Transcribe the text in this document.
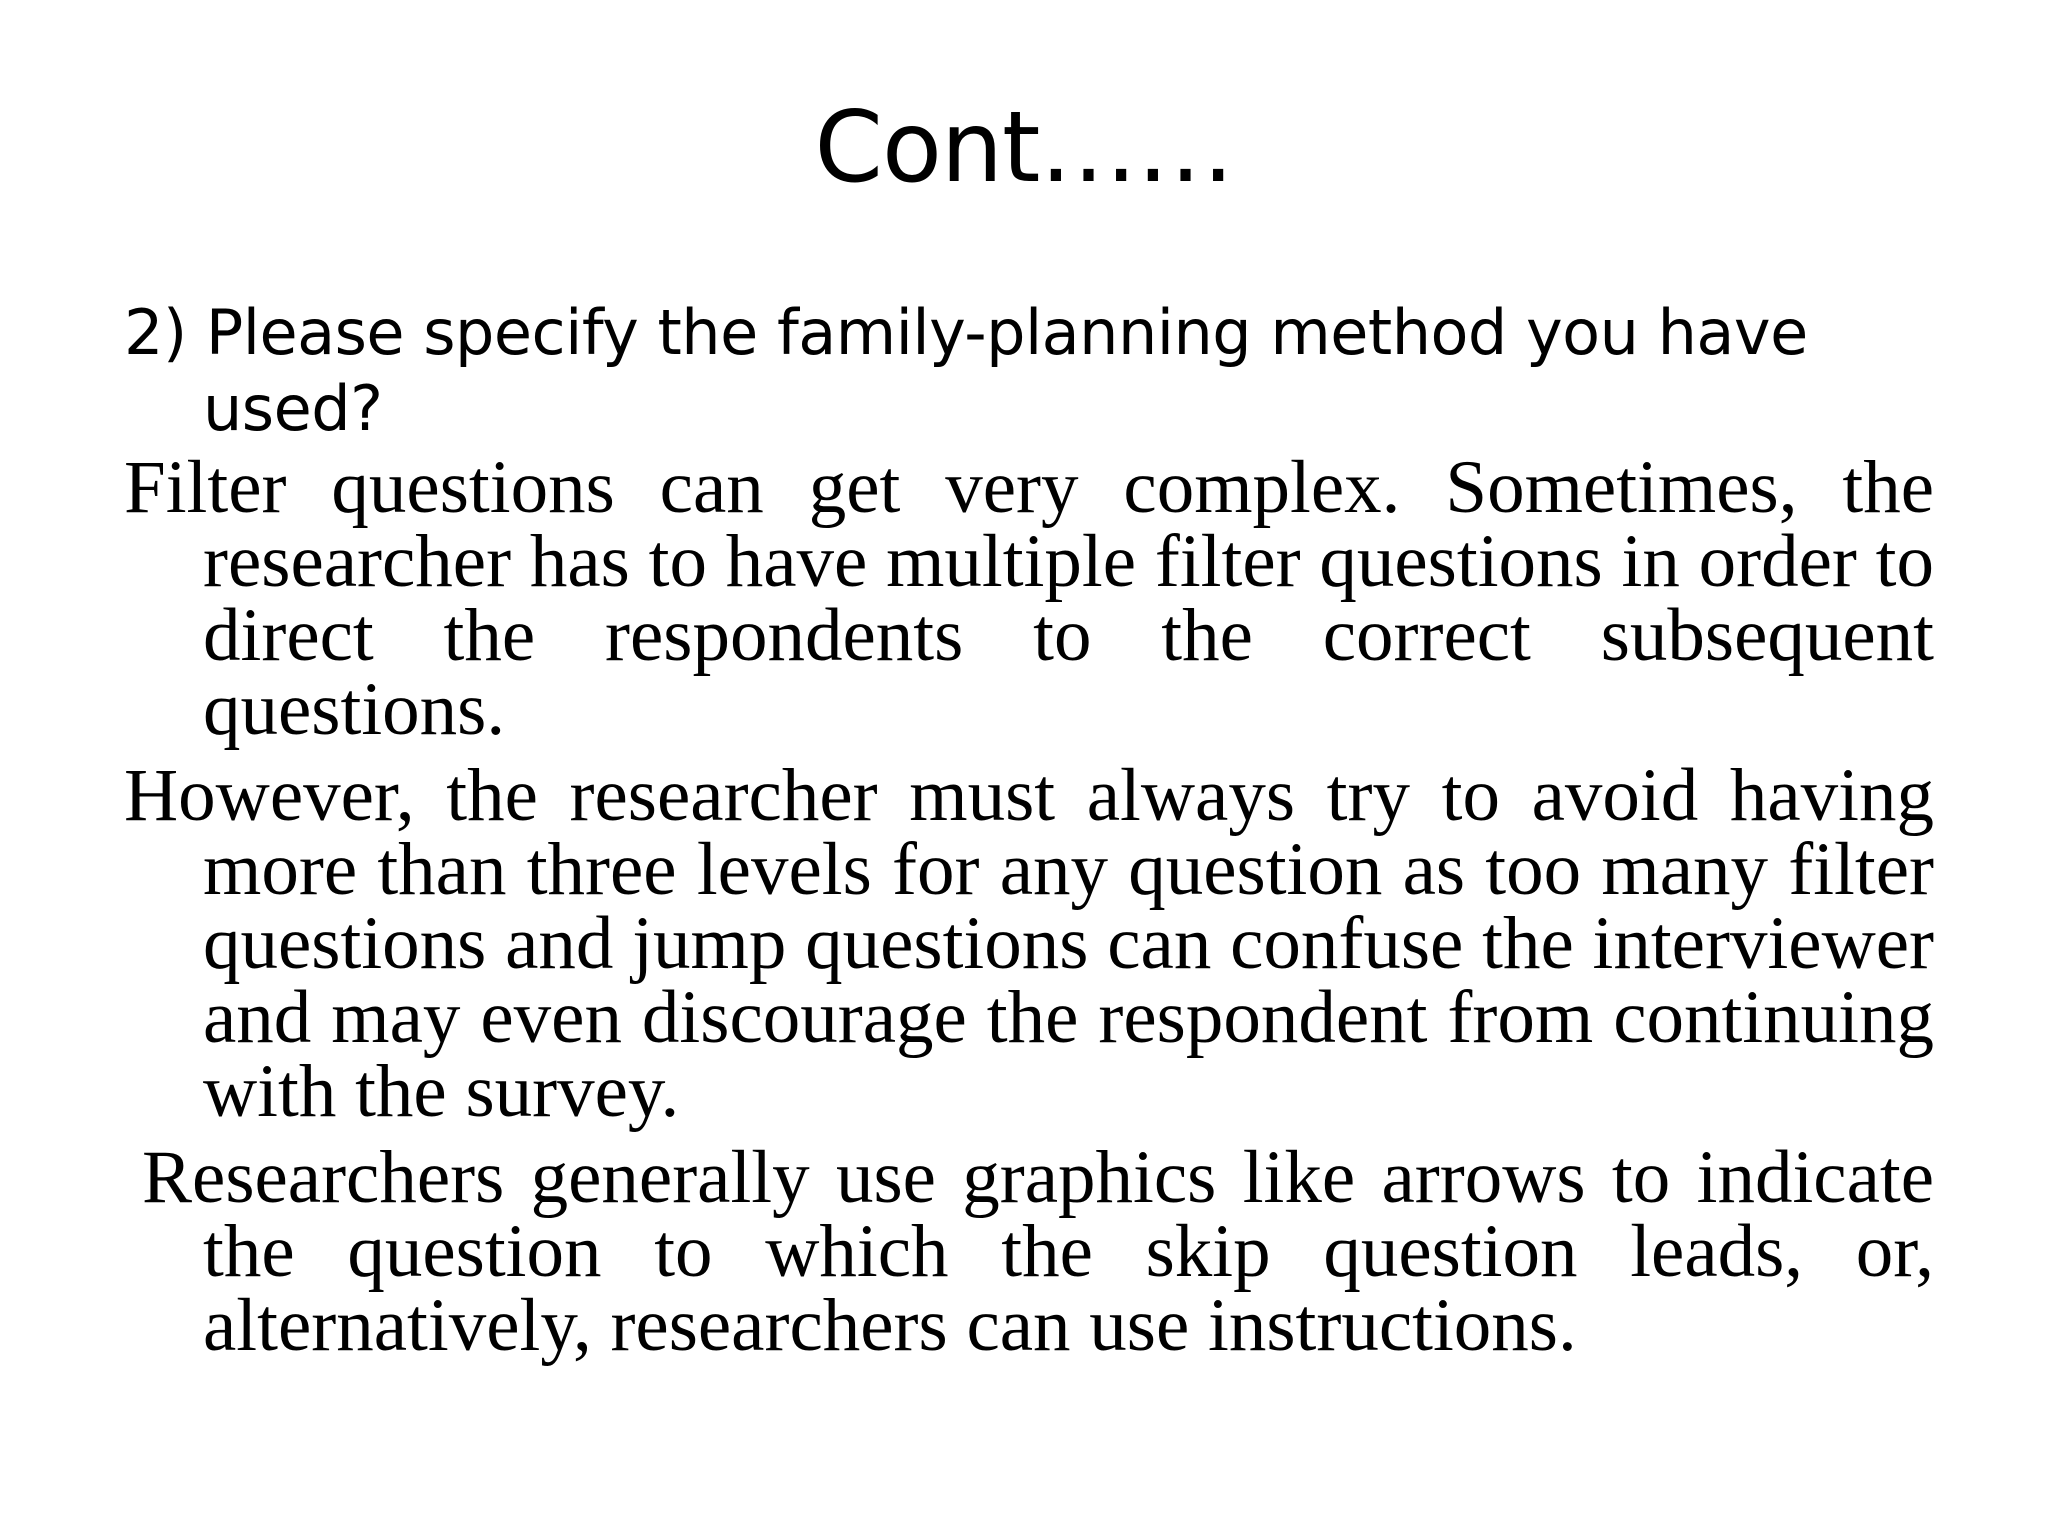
Cont……

2) Please specify the family-planning method you have used?

Filter questions can get very complex. Sometimes, the researcher has to have multiple filter questions in order to direct the respondents to the correct subsequent questions.

However, the researcher must always try to avoid having more than three levels for any question as too many filter questions and jump questions can confuse the interviewer and may even discourage the respondent from continuing with the survey.

Researchers generally use graphics like arrows to indicate the question to which the skip question leads, or, alternatively, researchers can use instructions.
